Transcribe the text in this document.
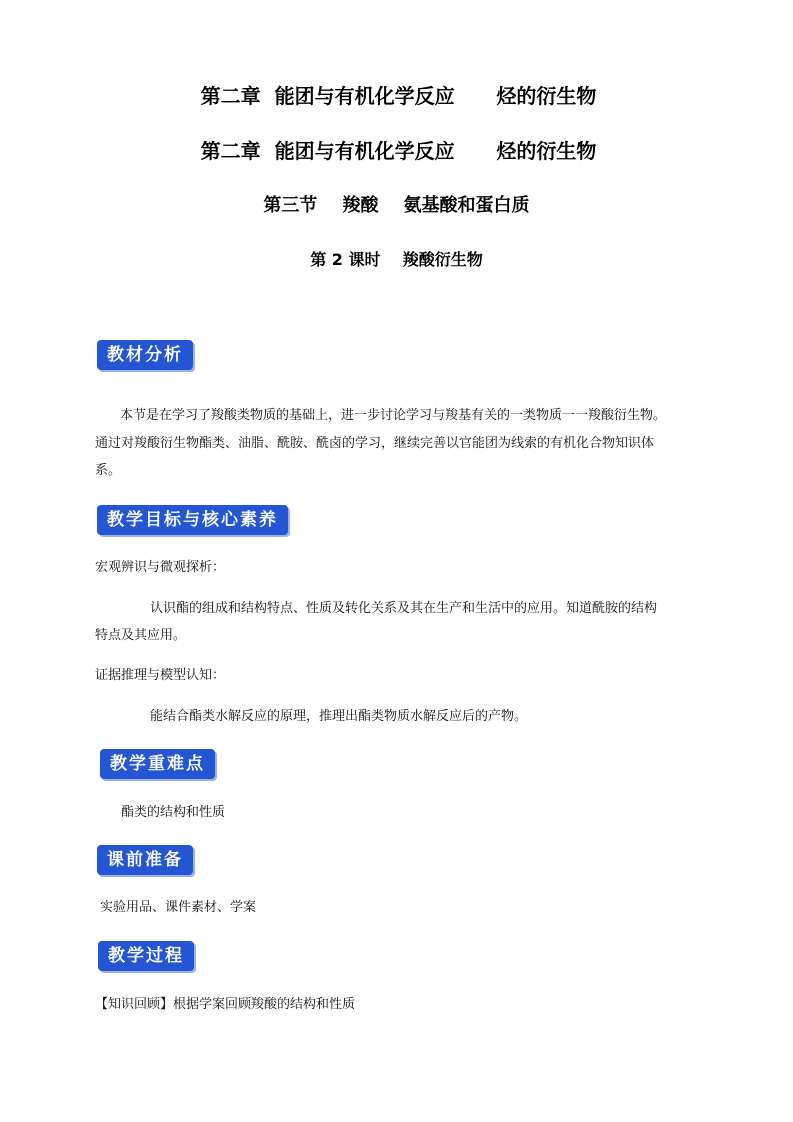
第二章  能团与有机化学反应      烃的衍生物
第二章  能团与有机化学反应      烃的衍生物
第三节    羧酸    氨基酸和蛋白质
第 2 课时    羧酸衍生物
教材分析
本节是在学习了羧酸类物质的基础上，进一步讨论学习与羧基有关的一类物质一一羧酸衍生物。
通过对羧酸衍生物酯类、油脂、酰胺、酰卤的学习，继续完善以官能团为线索的有机化合物知识体
系。
教学目标与核心素养
宏观辨识与微观探析：
认识酯的组成和结构特点、性质及转化关系及其在生产和生活中的应用。知道酰胺的结构
特点及其应用。
证据推理与模型认知：
能结合酯类水解反应的原理，推理出酯类物质水解反应后的产物。
教学重难点
酯类的结构和性质
课前准备
实验用品、课件素材、学案
教学过程
【知识回顾】根据学案回顾羧酸的结构和性质
